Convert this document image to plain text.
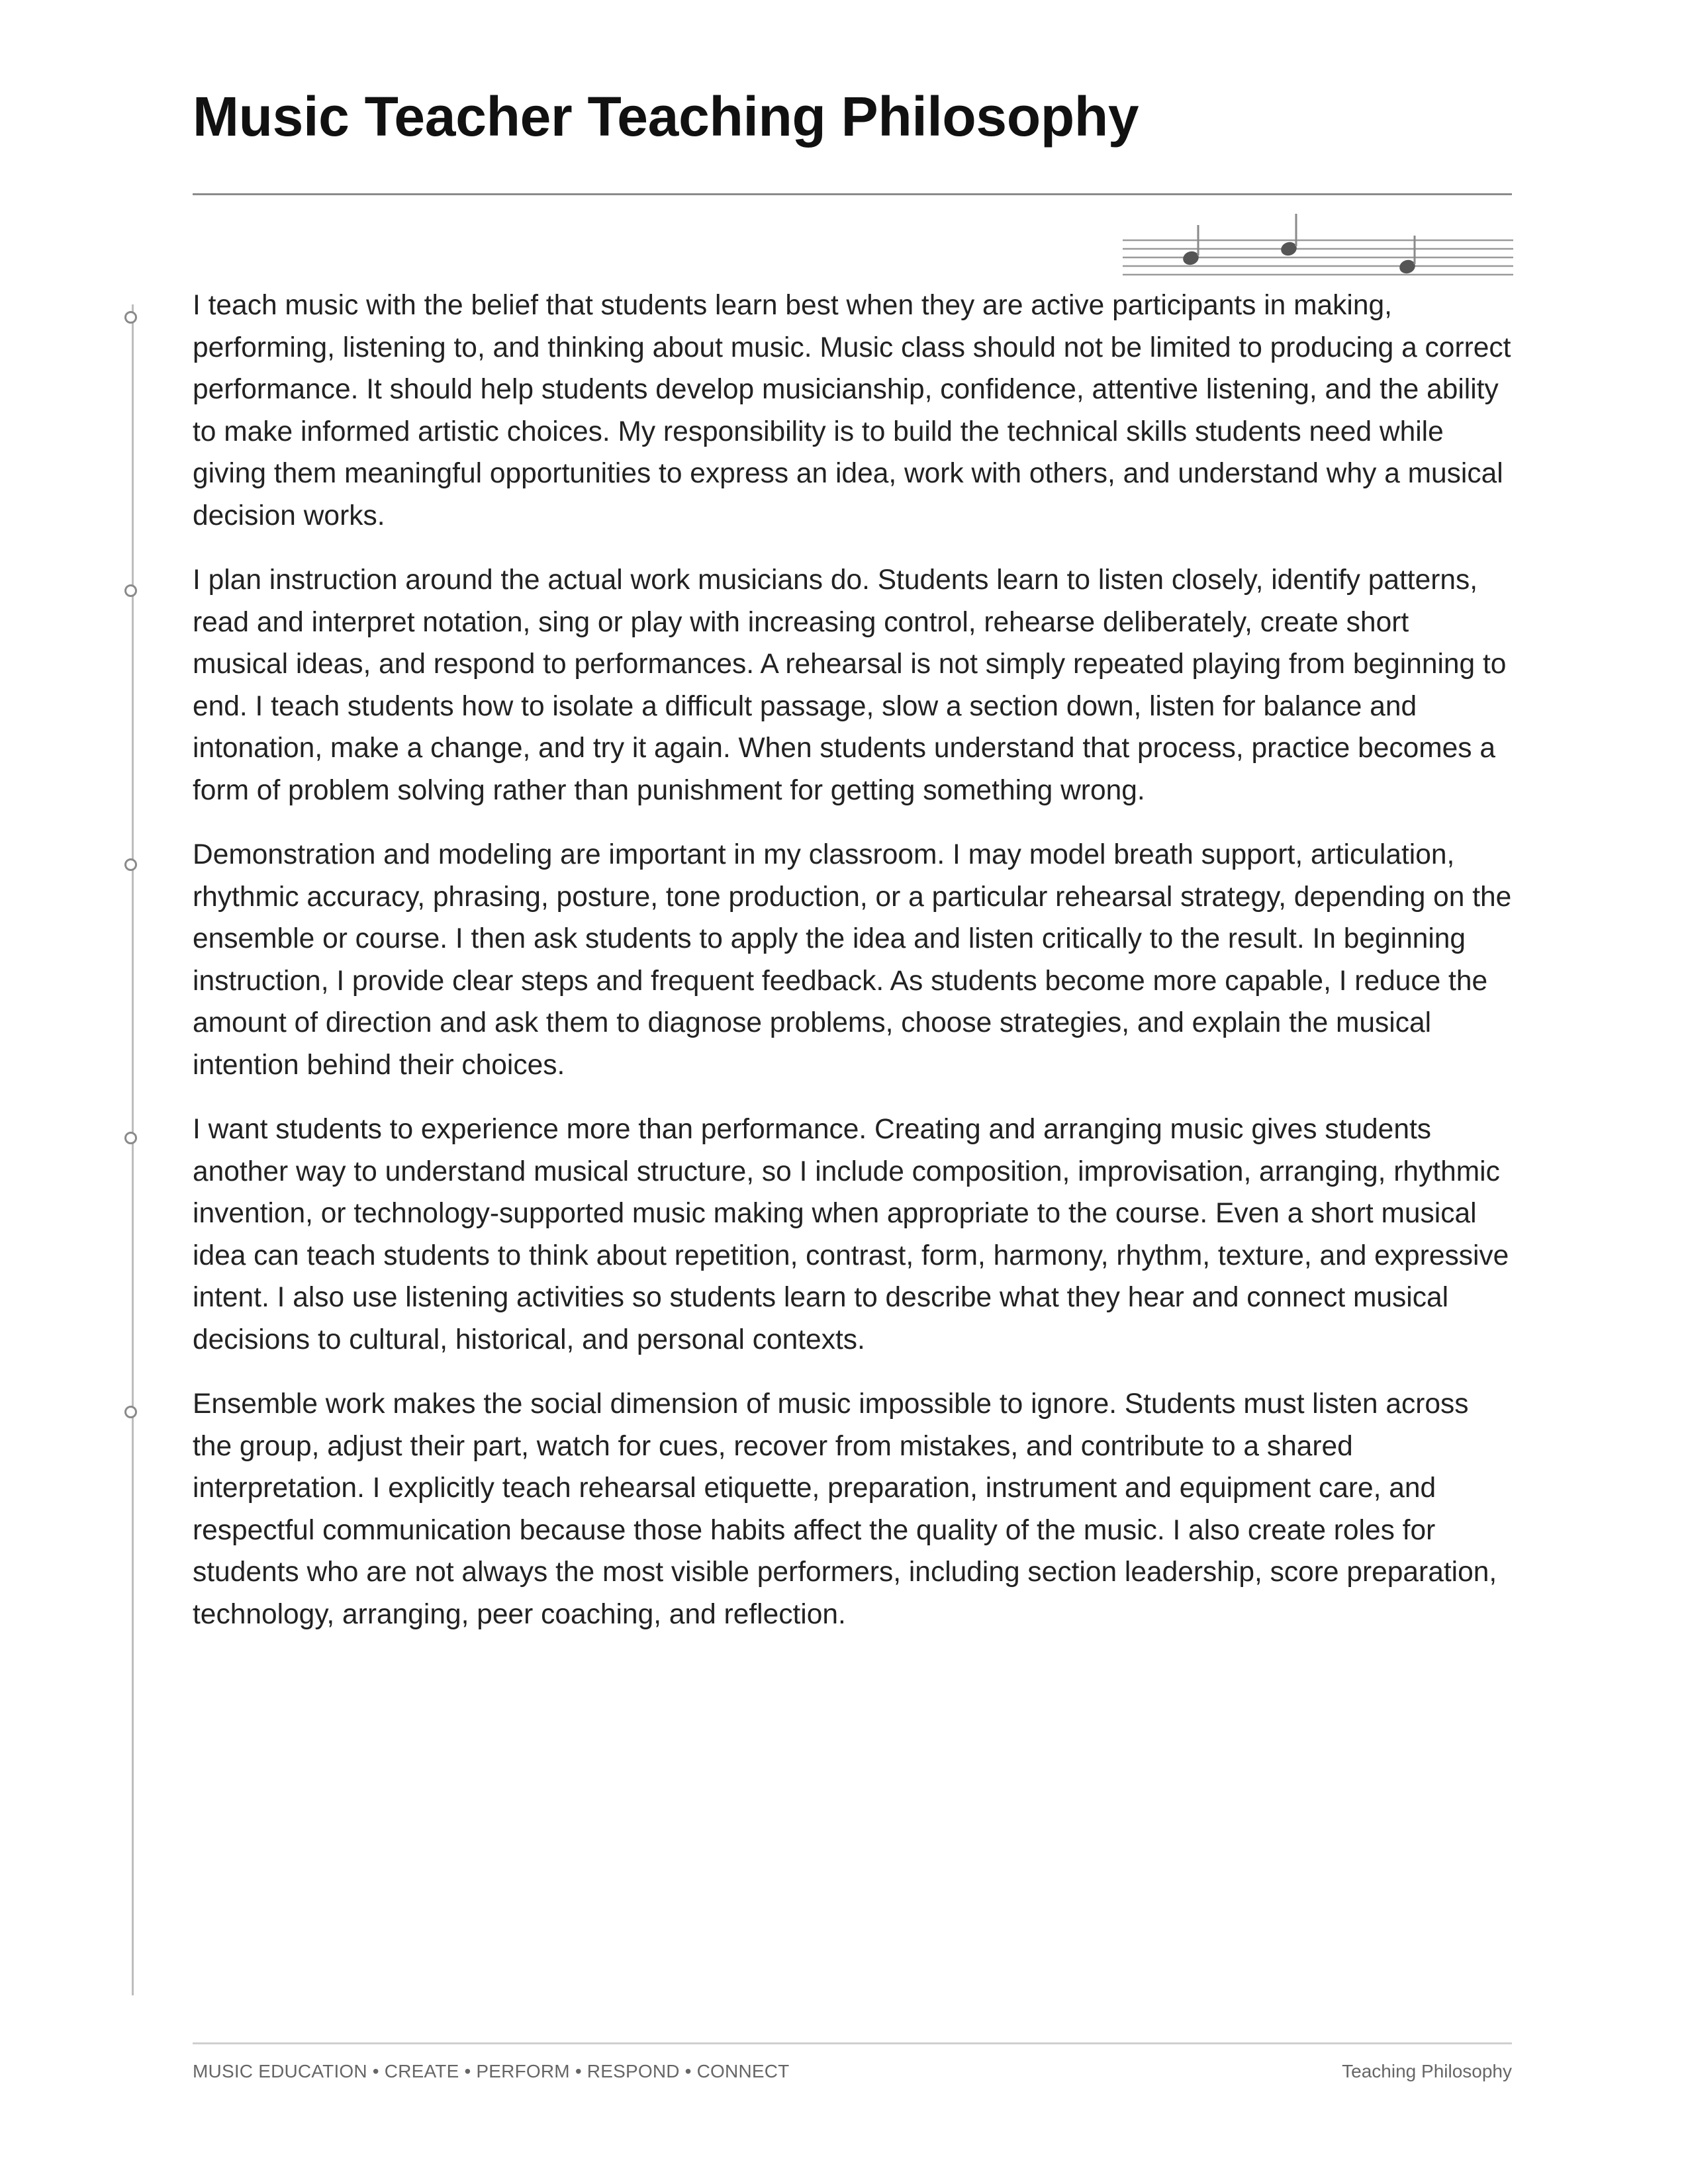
Music Teacher Teaching Philosophy

I teach music with the belief that students learn best when they are active participants in making, performing, listening to, and thinking about music. Music class should not be limited to producing a correct performance. It should help students develop musicianship, confidence, attentive listening, and the ability to make informed artistic choices. My responsibility is to build the technical skills students need while giving them meaningful opportunities to express an idea, work with others, and understand why a musical decision works.

I plan instruction around the actual work musicians do. Students learn to listen closely, identify patterns, read and interpret notation, sing or play with increasing control, rehearse deliberately, create short musical ideas, and respond to performances. A rehearsal is not simply repeated playing from beginning to end. I teach students how to isolate a difficult passage, slow a section down, listen for balance and intonation, make a change, and try it again. When students understand that process, practice becomes a form of problem solving rather than punishment for getting something wrong.

Demonstration and modeling are important in my classroom. I may model breath support, articulation, rhythmic accuracy, phrasing, posture, tone production, or a particular rehearsal strategy, depending on the ensemble or course. I then ask students to apply the idea and listen critically to the result. In beginning instruction, I provide clear steps and frequent feedback. As students become more capable, I reduce the amount of direction and ask them to diagnose problems, choose strategies, and explain the musical intention behind their choices.

I want students to experience more than performance. Creating and arranging music gives students another way to understand musical structure, so I include composition, improvisation, arranging, rhythmic invention, or technology-supported music making when appropriate to the course. Even a short musical idea can teach students to think about repetition, contrast, form, harmony, rhythm, texture, and expressive intent. I also use listening activities so students learn to describe what they hear and connect musical decisions to cultural, historical, and personal contexts.

Ensemble work makes the social dimension of music impossible to ignore. Students must listen across the group, adjust their part, watch for cues, recover from mistakes, and contribute to a shared interpretation. I explicitly teach rehearsal etiquette, preparation, instrument and equipment care, and respectful communication because those habits affect the quality of the music. I also create roles for students who are not always the most visible performers, including section leadership, score preparation, technology, arranging, peer coaching, and reflection.

MUSIC EDUCATION • CREATE • PERFORM • RESPOND • CONNECT	Teaching Philosophy
